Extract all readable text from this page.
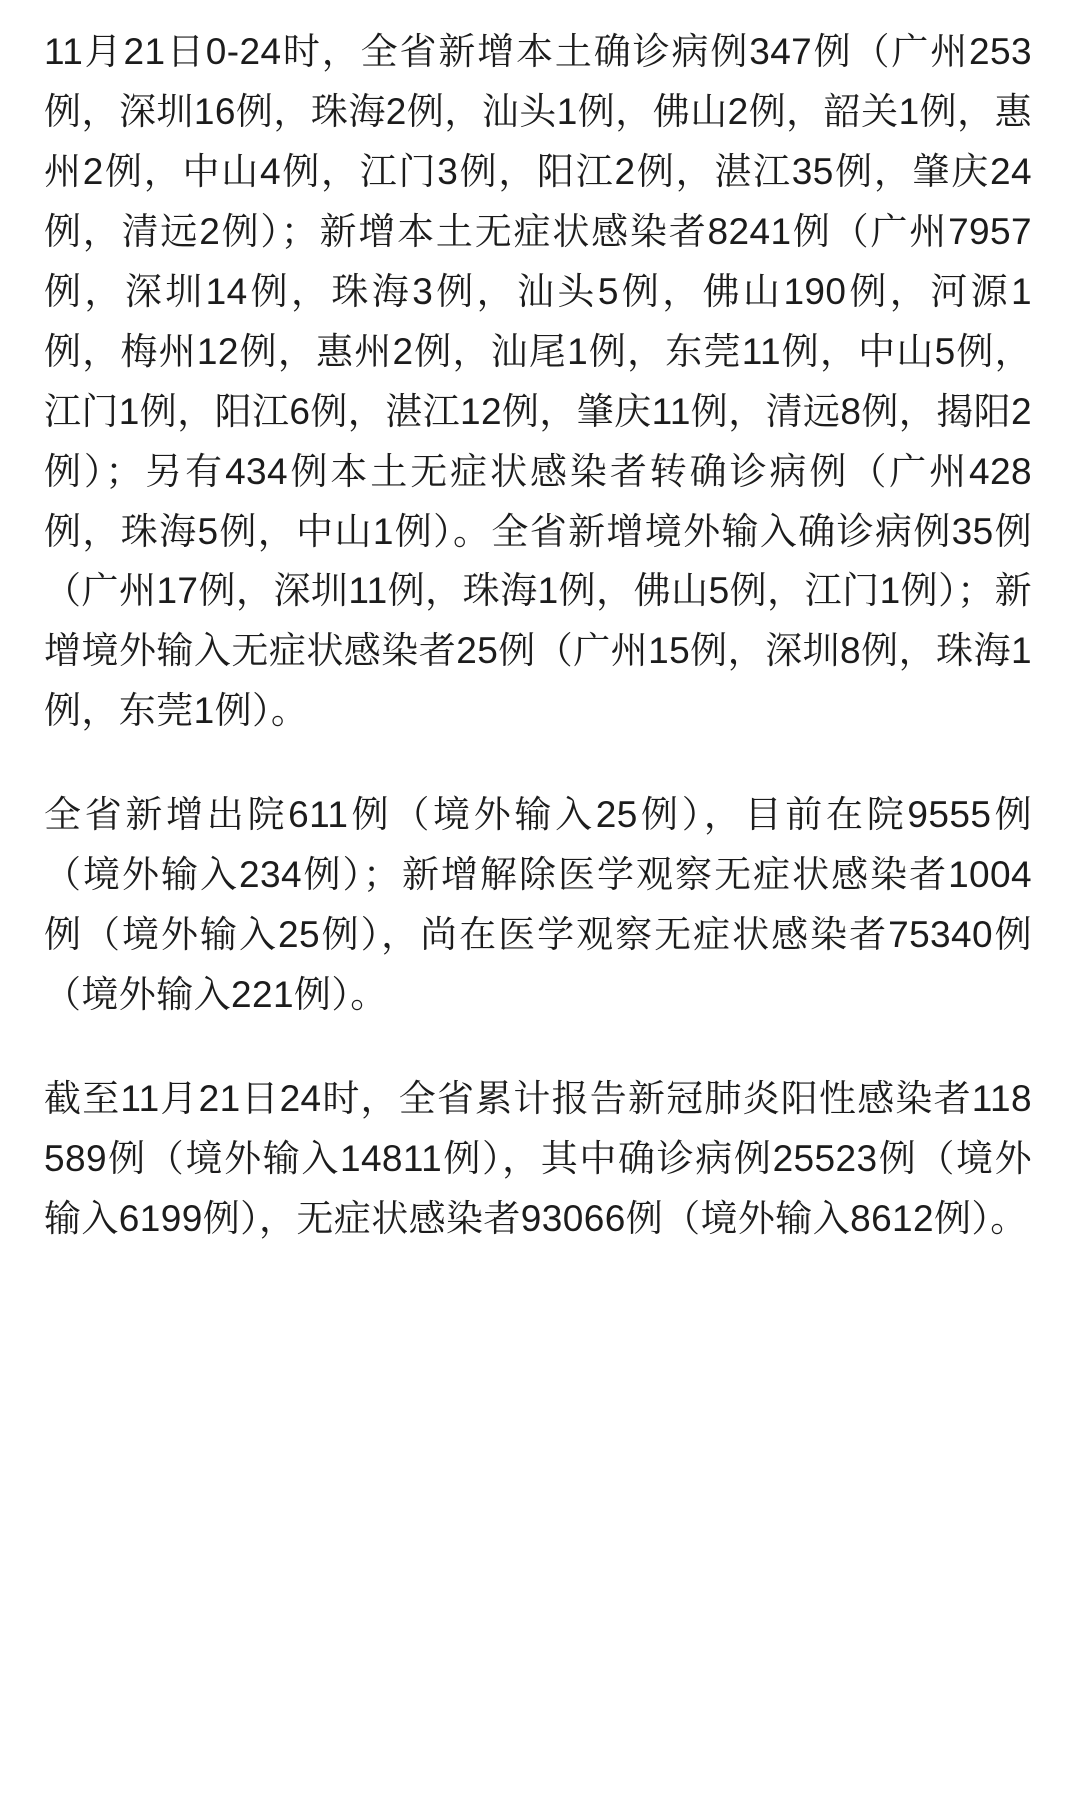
11月21日0-24时，全省新增本土确诊病例347例（广州253例，深圳16例，珠海2例，汕头1例，佛山2例，韶关1例，惠州2例，中山4例，江门3例，阳江2例，湛江35例，肇庆24例，清远2例）；新增本土无症状感染者8241例（广州7957例，深圳14例，珠海3例，汕头5例，佛山190例，河源1例，梅州12例，惠州2例，汕尾1例，东莞11例，中山5例，江门1例，阳江6例，湛江12例，肇庆11例，清远8例，揭阳2例）；另有434例本土无症状感染者转确诊病例（广州428例，珠海5例，中山1例）。全省新增境外输入确诊病例35例（广州17例，深圳11例，珠海1例，佛山5例，江门1例）；新增境外输入无症状感染者25例（广州15例，深圳8例，珠海1例，东莞1例）。

全省新增出院611例（境外输入25例），目前在院9555例（境外输入234例）；新增解除医学观察无症状感染者1004例（境外输入25例），尚在医学观察无症状感染者75340例（境外输入221例）。

截至11月21日24时，全省累计报告新冠肺炎阳性感染者118589例（境外输入14811例），其中确诊病例25523例（境外输入6199例），无症状感染者93066例（境外输入8612例）。
